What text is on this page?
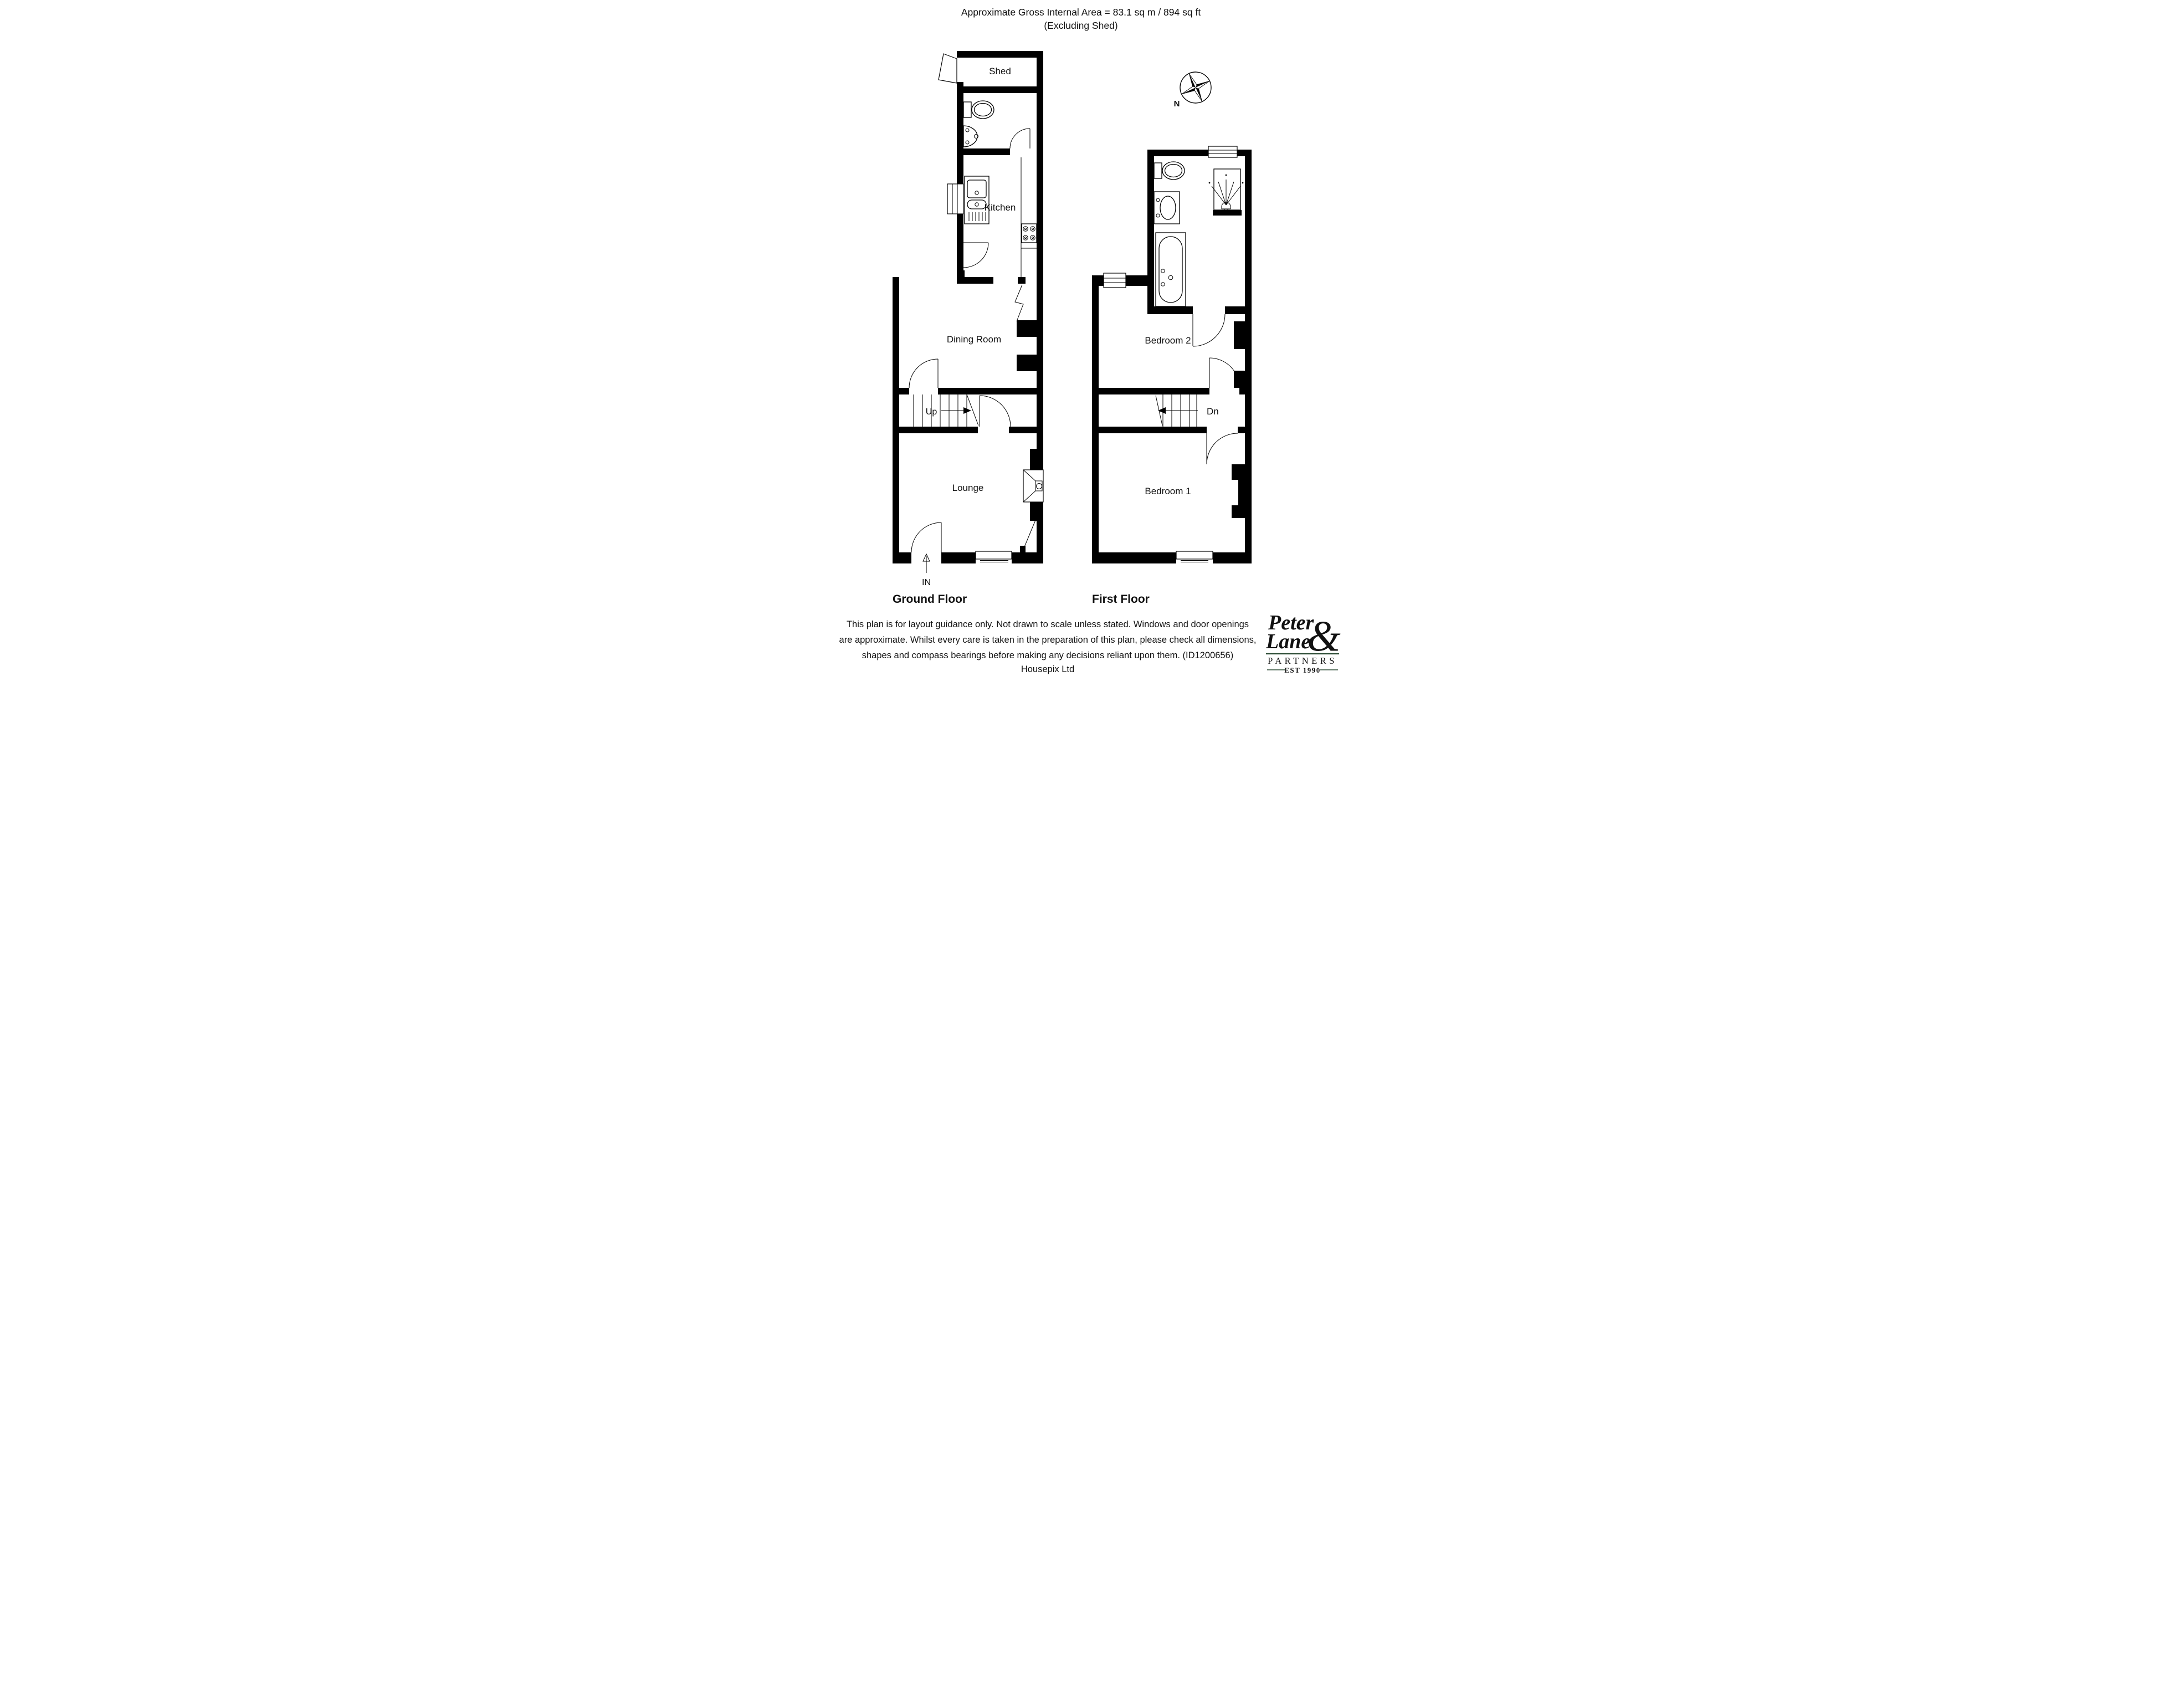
Approximate Gross Internal Area = 83.1 sq m / 894 sq ft
(Excluding Shed)
N
Shed
Kitchen
Dining Room
Up
Lounge
IN
Ground Floor
Bedroom 2
Dn
Bedroom 1
First Floor
This plan is for layout guidance only. Not drawn to scale unless stated. Windows and door openings
are approximate. Whilst every care is taken in the preparation of this plan, please check all dimensions,
shapes and compass bearings before making any decisions reliant upon them. (ID1200656)
Housepix Ltd
&
Peter
Lane
PARTNERS
EST 1990
